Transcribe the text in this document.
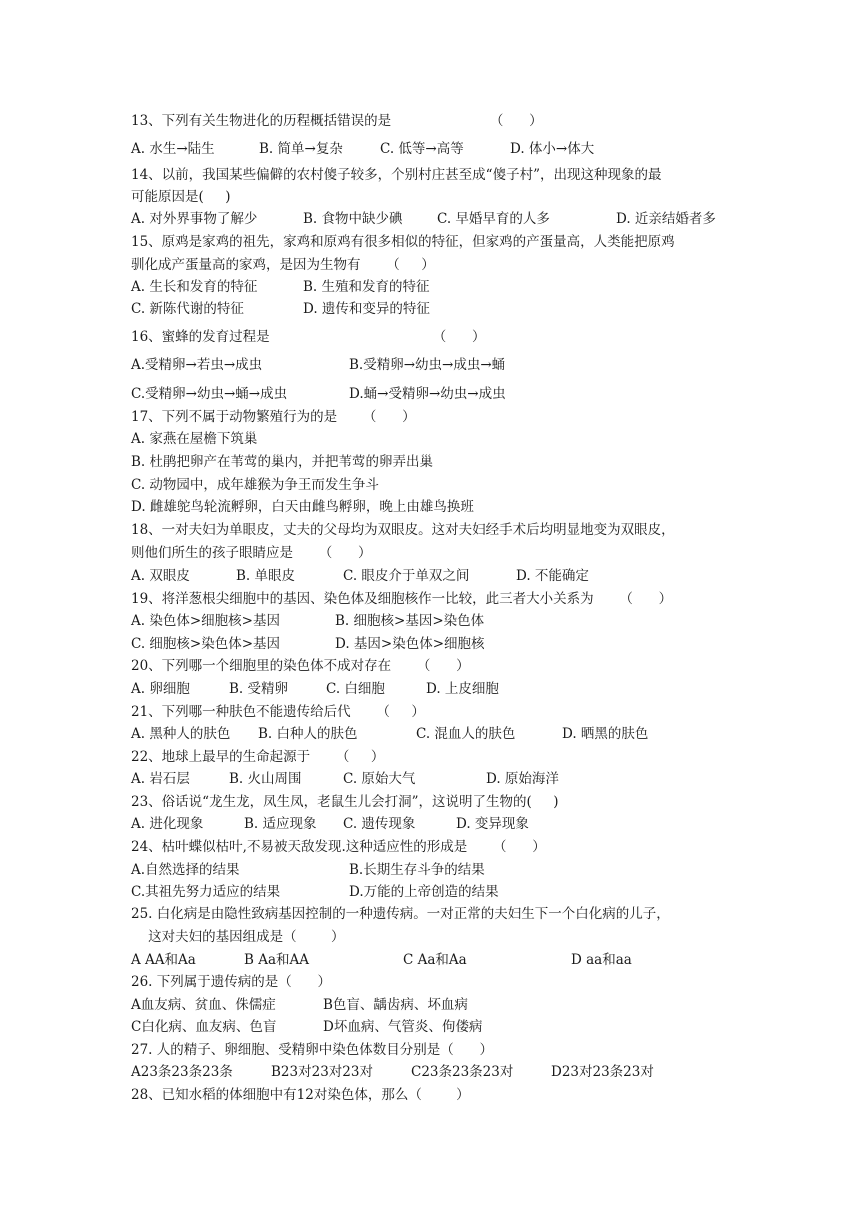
13、下列有关生物进化的历程概括错误的是                       （      ）
A. 水生→陆生	B. 简单→复杂	C. 低等→高等	D. 体小→体大
14、以前，我国某些偏僻的农村傻子较多，个别村庄甚至成“傻子村”，出现这种现象的最
可能原因是(     )
A. 对外界事物了解少	B. 食物中缺少碘	C. 早婚早育的人多	D. 近亲结婚者多
15、原鸡是家鸡的祖先，家鸡和原鸡有很多相似的特征，但家鸡的产蛋量高，人类能把原鸡
驯化成产蛋量高的家鸡，是因为生物有      （     ）
A. 生长和发育的特征	B. 生殖和发育的特征
C. 新陈代谢的特征	D. 遗传和变异的特征
16、蜜蜂的发育过程是                                      （      ）
A.受精卵→若虫→成虫	B.受精卵→幼虫→成虫→蛹
C.受精卵→幼虫→蛹→成虫	D.蛹→受精卵→幼虫→成虫
17、下列不属于动物繁殖行为的是      （      ）
A. 家燕在屋檐下筑巢
B. 杜鹃把卵产在苇莺的巢内，并把苇莺的卵弄出巢
C. 动物园中，成年雄猴为争王而发生争斗
D. 雌雄鸵鸟轮流孵卵，白天由雌鸟孵卵，晚上由雄鸟换班
18、一对夫妇为单眼皮，丈夫的父母均为双眼皮。这对夫妇经手术后均明显地变为双眼皮，
则他们所生的孩子眼睛应是      （      ）
A. 双眼皮	B. 单眼皮	C. 眼皮介于单双之间	D. 不能确定
19、将洋葱根尖细胞中的基因、染色体及细胞核作一比较，此三者大小关系为      （      ）
A. 染色体>细胞核>基因	B. 细胞核>基因>染色体
C. 细胞核>染色体>基因	D. 基因>染色体>细胞核
20、下列哪一个细胞里的染色体不成对存在      （      ）
A. 卵细胞	B. 受精卵	C. 白细胞	D. 上皮细胞
21、下列哪一种肤色不能遗传给后代      （     ）
A. 黑种人的肤色 B. 白种人的肤色	C. 混血人的肤色	D. 晒黑的肤色
22、地球上最早的生命起源于      （     ）
A. 岩石层	B. 火山周围	C. 原始大气	D. 原始海洋
23、俗话说“龙生龙，凤生凤，老鼠生儿会打洞”，这说明了生物的(     )
A. 进化现象	B. 适应现象 C. 遗传现象	D. 变异现象
24、枯叶蝶似枯叶,不易被天敌发现.这种适应性的形成是      （      ）
A.自然选择的结果	B.长期生存斗争的结果
C.其祖先努力适应的结果	D.万能的上帝创造的结果
25. 白化病是由隐性致病基因控制的一种遗传病。一对正常的夫妇生下一个白化病的儿子，
这对夫妇的基因组成是（        ）
A AA和Aa	B Aa和AA	C Aa和Aa	D aa和aa
26. 下列属于遗传病的是（      ）
A血友病、贫血、侏儒症	B色盲、龋齿病、坏血病
C白化病、血友病、色盲	D坏血病、气管炎、佝偻病
27. 人的精子、卵细胞、受精卵中染色体数目分别是（      ）
A23条23条23条	B23对23对23对	C23条23条23对	D23对23条23对
28、已知水稻的体细胞中有12对染色体，那么（        ）
